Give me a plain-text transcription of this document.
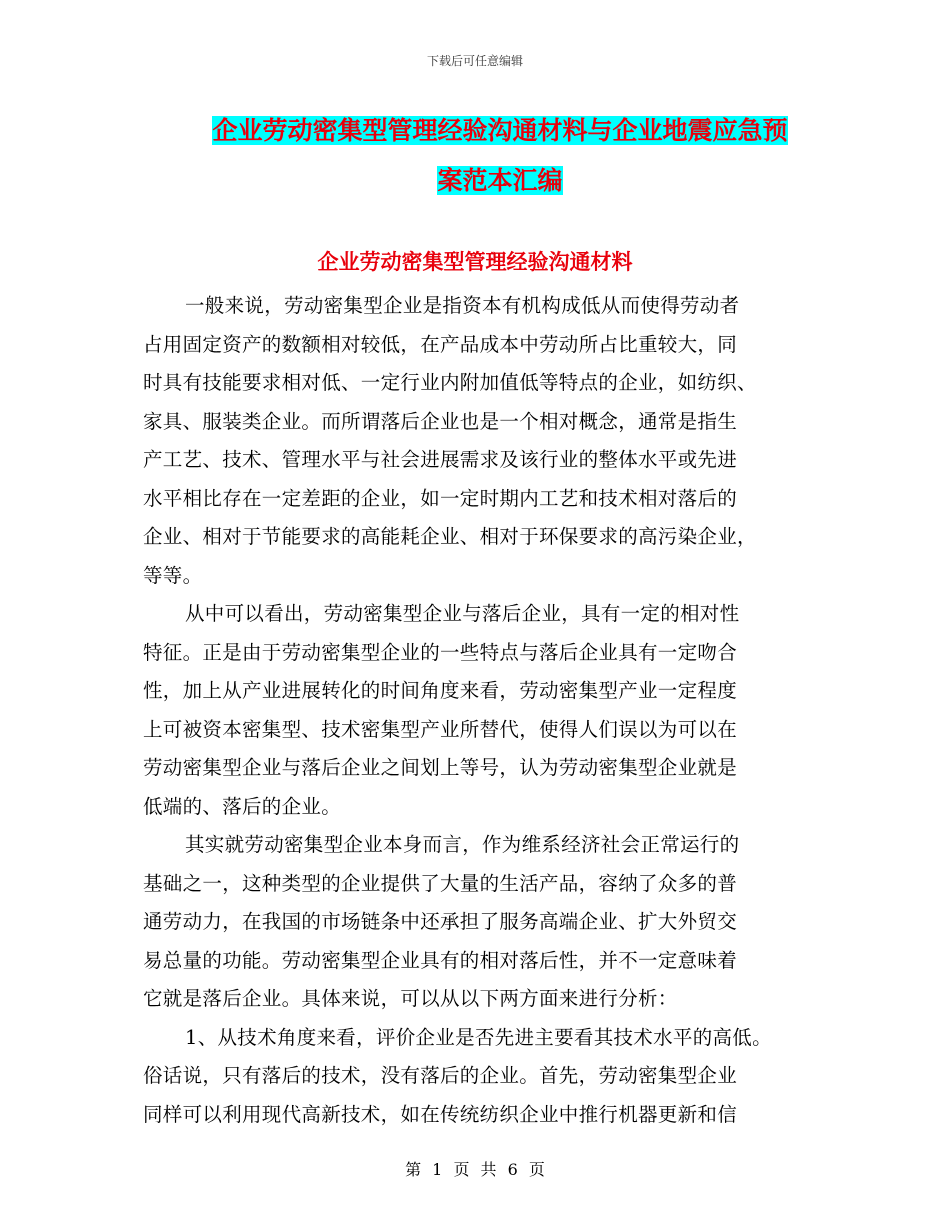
下载后可任意编辑
企业劳动密集型管理经验沟通材料与企业地震应急预
案范本汇编
企业劳动密集型管理经验沟通材料
一般来说，劳动密集型企业是指资本有机构成低从而使得劳动者
占用固定资产的数额相对较低，在产品成本中劳动所占比重较大，同
时具有技能要求相对低、一定行业内附加值低等特点的企业，如纺织、
家具、服装类企业。而所谓落后企业也是一个相对概念，通常是指生
产工艺、技术、管理水平与社会进展需求及该行业的整体水平或先进
水平相比存在一定差距的企业，如一定时期内工艺和技术相对落后的
企业、相对于节能要求的高能耗企业、相对于环保要求的高污染企业，
等等。
从中可以看出，劳动密集型企业与落后企业，具有一定的相对性
特征。正是由于劳动密集型企业的一些特点与落后企业具有一定吻合
性，加上从产业进展转化的时间角度来看，劳动密集型产业一定程度
上可被资本密集型、技术密集型产业所替代，使得人们误以为可以在
劳动密集型企业与落后企业之间划上等号，认为劳动密集型企业就是
低端的、落后的企业。
其实就劳动密集型企业本身而言，作为维系经济社会正常运行的
基础之一，这种类型的企业提供了大量的生活产品，容纳了众多的普
通劳动力，在我国的市场链条中还承担了服务高端企业、扩大外贸交
易总量的功能。劳动密集型企业具有的相对落后性，并不一定意味着
它就是落后企业。具体来说，可以从以下两方面来进行分析：
1、从技术角度来看，评价企业是否先进主要看其技术水平的高低。
俗话说，只有落后的技术，没有落后的企业。首先，劳动密集型企业
同样可以利用现代高新技术，如在传统纺织企业中推行机器更新和信
第 1 页 共 6 页
